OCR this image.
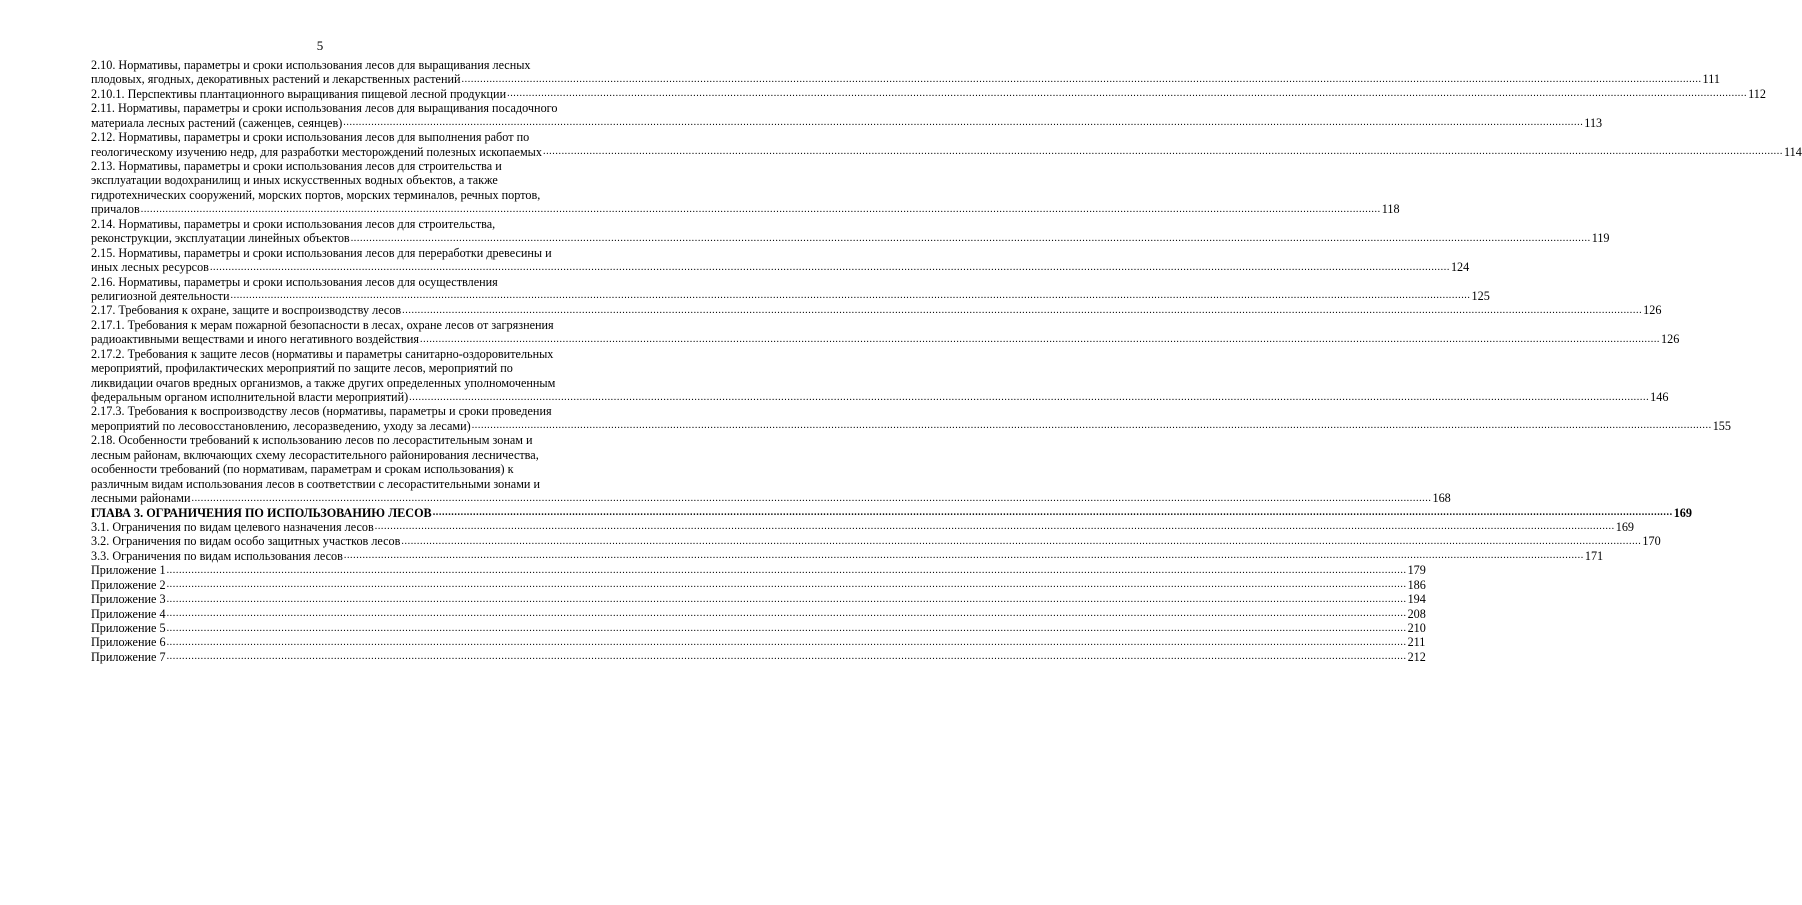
5
2.10. Нормативы, параметры и сроки использования лесов для выращивания лесных
плодовых, ягодных, декоративных растений и лекарственных растений ................................................................................................................................................................................................................................................................................................................................................................................................................ 111
2.10.1. Перспективы плантационного выращивания пищевой лесной продукции ................................................................................................................................................................................................................................................................................................................................................................................................................ 112
2.11. Нормативы, параметры и сроки использования лесов для выращивания посадочного
материала лесных растений (саженцев, сеянцев) ................................................................................................................................................................................................................................................................................................................................................................................................................ 113
2.12. Нормативы, параметры и сроки использования лесов для выполнения работ по
геологическому изучению недр, для разработки месторождений полезных ископаемых ................................................................................................................................................................................................................................................................................................................................................................................................................ 114
2.13. Нормативы, параметры и сроки использования лесов для строительства и
эксплуатации водохранилищ и иных искусственных водных объектов, а также
гидротехнических сооружений, морских портов, морских терминалов, речных портов,
причалов ................................................................................................................................................................................................................................................................................................................................................................................................................ 118
2.14. Нормативы, параметры и сроки использования лесов для строительства,
реконструкции, эксплуатации линейных объектов ................................................................................................................................................................................................................................................................................................................................................................................................................ 119
2.15. Нормативы, параметры и сроки использования лесов для переработки древесины и
иных лесных ресурсов ................................................................................................................................................................................................................................................................................................................................................................................................................ 124
2.16. Нормативы, параметры и сроки использования лесов для осуществления
религиозной деятельности ................................................................................................................................................................................................................................................................................................................................................................................................................ 125
2.17. Требования к охране, защите и воспроизводству лесов ................................................................................................................................................................................................................................................................................................................................................................................................................ 126
2.17.1. Требования к мерам пожарной безопасности в лесах, охране лесов от загрязнения
радиоактивными веществами и иного негативного воздействия ................................................................................................................................................................................................................................................................................................................................................................................................................ 126
2.17.2. Требования к защите лесов (нормативы и параметры санитарно-оздоровительных
мероприятий, профилактических мероприятий по защите лесов, мероприятий по
ликвидации очагов вредных организмов, а также других определенных уполномоченным
федеральным органом исполнительной власти мероприятий) ................................................................................................................................................................................................................................................................................................................................................................................................................ 146
2.17.3. Требования к воспроизводству лесов (нормативы, параметры и сроки проведения
мероприятий по лесовосстановлению, лесоразведению, уходу за лесами) ................................................................................................................................................................................................................................................................................................................................................................................................................ 155
2.18. Особенности требований к использованию лесов по лесорастительным зонам и
лесным районам, включающих схему лесорастительного районирования лесничества,
особенности требований (по нормативам, параметрам и срокам использования) к
различным видам использования лесов в соответствии с лесорастительными зонами и
лесными районами ................................................................................................................................................................................................................................................................................................................................................................................................................ 168
ГЛАВА 3. ОГРАНИЧЕНИЯ ПО ИСПОЛЬЗОВАНИЮ ЛЕСОВ ................................................................................................................................................................................................................................................................................................................................................................................................................ 169
3.1. Ограничения по видам целевого назначения лесов ................................................................................................................................................................................................................................................................................................................................................................................................................ 169
3.2. Ограничения по видам особо защитных участков лесов ................................................................................................................................................................................................................................................................................................................................................................................................................ 170
3.3. Ограничения по видам использования лесов ................................................................................................................................................................................................................................................................................................................................................................................................................ 171
Приложение 1 ................................................................................................................................................................................................................................................................................................................................................................................................................ 179
Приложение 2 ................................................................................................................................................................................................................................................................................................................................................................................................................ 186
Приложение 3 ................................................................................................................................................................................................................................................................................................................................................................................................................ 194
Приложение 4 ................................................................................................................................................................................................................................................................................................................................................................................................................ 208
Приложение 5 ................................................................................................................................................................................................................................................................................................................................................................................................................ 210
Приложение 6 ................................................................................................................................................................................................................................................................................................................................................................................................................ 211
Приложение 7 ................................................................................................................................................................................................................................................................................................................................................................................................................ 212
